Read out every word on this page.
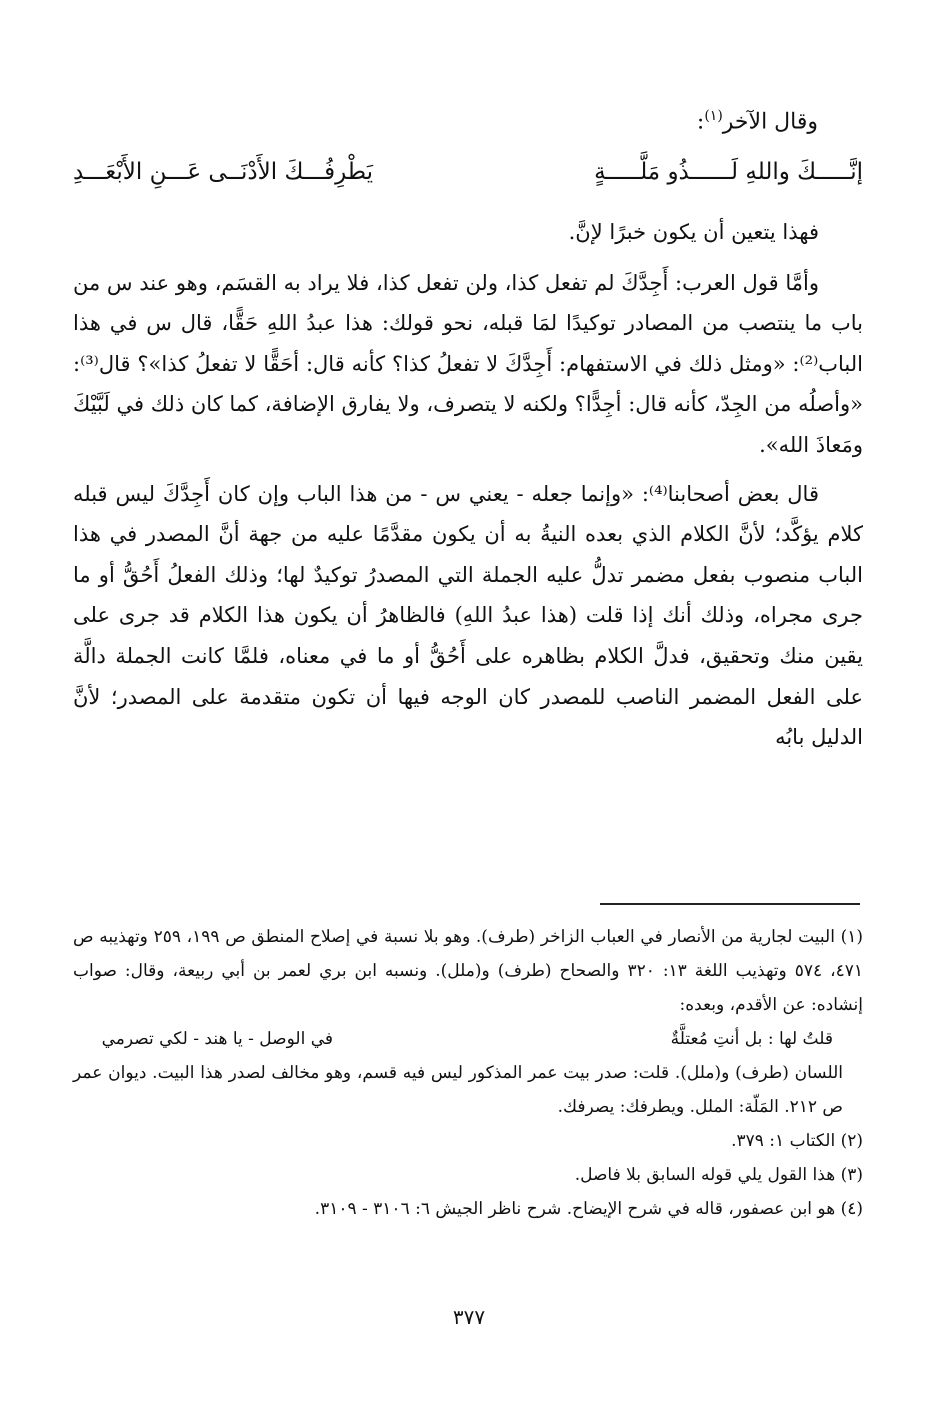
وقال الآخر$^{(١)}$:
إنَّـــــكَ واللهِ لَــــــذُو مَلَّـــــةٍ
يَطْرِفُـــكَ الأَدْنَــى عَـــنِ الأَبْعَـــدِ

فهذا يتعين أن يكون خبرًا لإنَّ.

وأمَّا قول العرب: أَجِدَّكَ لم تفعل كذا، ولن تفعل كذا، فلا يراد به القسَم، وهو عند س من باب ما ينتصب من المصادر توكيدًا لمَا قبله، نحو قولك: هذا عبدُ اللهِ حَقًّا، قال س في هذا الباب⁽²⁾: «ومثل ذلك في الاستفهام: أَجِدَّكَ لا تفعلُ كذا؟ كأنه قال: أحَقًّا لا تفعلُ كذا»؟ قال⁽³⁾: «وأصلُه من الجِدّ، كأنه قال: أجِدًّا؟ ولكنه لا يتصرف، ولا يفارق الإضافة، كما كان ذلك في لَبَّيْكَ ومَعاذَ الله».

قال بعض أصحابنا⁽⁴⁾: «وإنما جعله - يعني س - من هذا الباب وإن كان أَجِدَّكَ ليس قبله كلام يؤكَّد؛ لأنَّ الكلام الذي بعده النيةُ به أن يكون مقدَّمًا عليه من جهة أنَّ المصدر في هذا الباب منصوب بفعل مضمر تدلُّ عليه الجملة التي المصدرُ توكيدٌ لها؛ وذلك الفعلُ أَحُقُّ أو ما جرى مجراه، وذلك أنك إذا قلت (هذا عبدُ اللهِ) فالظاهرُ أن يكون هذا الكلام قد جرى على يقين منك وتحقيق، فدلَّ الكلام بظاهره على أَحُقُّ أو ما في معناه، فلمَّا كانت الجملة دالَّة على الفعل المضمر الناصب للمصدر كان الوجه فيها أن تكون متقدمة على المصدر؛ لأنَّ الدليل بابُه

(١) البيت لجارية من الأنصار في العباب الزاخر (طرف). وهو بلا نسبة في إصلاح المنطق ص ١٩٩، ٢٥٩ وتهذيبه ص ٤٧١، ٥٧٤ وتهذيب اللغة ١٣: ٣٢٠ والصحاح (طرف) و(ملل). ونسبه ابن بري لعمر بن أبي ربيعة، وقال: صواب إنشاده: عن الأقدم، وبعده:

قلتُ لها : بل أنتِ مُعتلَّةٌ
في الوصل - يا هند - لكي تصرمي

اللسان (طرف) و(ملل). قلت: صدر بيت عمر المذكور ليس فيه قسم، وهو مخالف لصدر هذا البيت. ديوان عمر ص ٢١٢. المَلّة: الملل. ويطرفك: يصرفك.

(٢) الكتاب ١: ٣٧٩.

(٣) هذا القول يلي قوله السابق بلا فاصل.

(٤) هو ابن عصفور، قاله في شرح الإيضاح. شرح ناظر الجيش ٦: ٣١٠٦ - ٣١٠٩.

٣٧٧
